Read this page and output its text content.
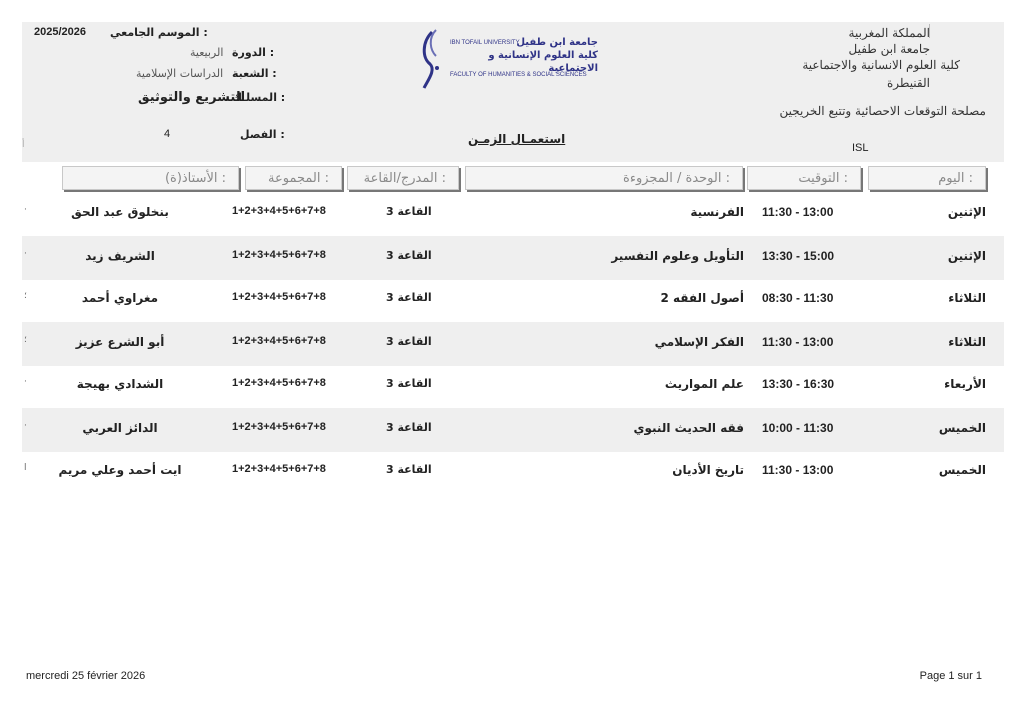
المملكة المغربية
جامعة ابن طفيل
كلية العلوم الانسانية والاجتماعية
القنيطرة
مصلحة التوقعات الاحصائية وتتبع الخريجين
ISL
IBN TOFAIL UNIVERSITY
جامعة ابن طفيل
كلية العلوم الإنسانية و الاجتماعية
FACULTY OF HUMANITIES & SOCIAL SCIENCES
استعمـال الزمـن
الموسم الجامعي :
2025/2026
الدورة :
الربيعية
الشعبة :
الدراسات الإسلامية
المسلـك :
التشريع والتوثيق
الفصل :
4
أ
اليوم :
التوقيت :
الوحدة / المجزوءة :
المدرج/القاعة :
المجموعة :
الأستاذ(ة) :
الإثنين
11:30 - 13:00
الفرنسية
القاعة 3
1+2+3+4+5+6+7+8
بنخلوق عبد الحق
·
الإثنين
13:30 - 15:00
التأويل وعلوم التفسير
القاعة 3
1+2+3+4+5+6+7+8
الشريف زيد
·
الثلاثاء
08:30 - 11:30
أصول الفقه 2
القاعة 3
1+2+3+4+5+6+7+8
مغراوي أحمد
؛
الثلاثاء
11:30 - 13:00
الفكر الإسلامي
القاعة 3
1+2+3+4+5+6+7+8
أبو الشرع عزيز
؛
الأربعاء
13:30 - 16:30
علم المواريث
القاعة 3
1+2+3+4+5+6+7+8
الشدادي بهيجة
·
الخميس
10:00 - 11:30
فقه الحديث النبوي
القاعة 3
1+2+3+4+5+6+7+8
الدائز العربي
·
الخميس
11:30 - 13:00
تاريخ الأديان
القاعة 3
1+2+3+4+5+6+7+8
ايت أحمد وعلي مريم
ا
mercredi 25 février 2026	Page 1 sur 1
